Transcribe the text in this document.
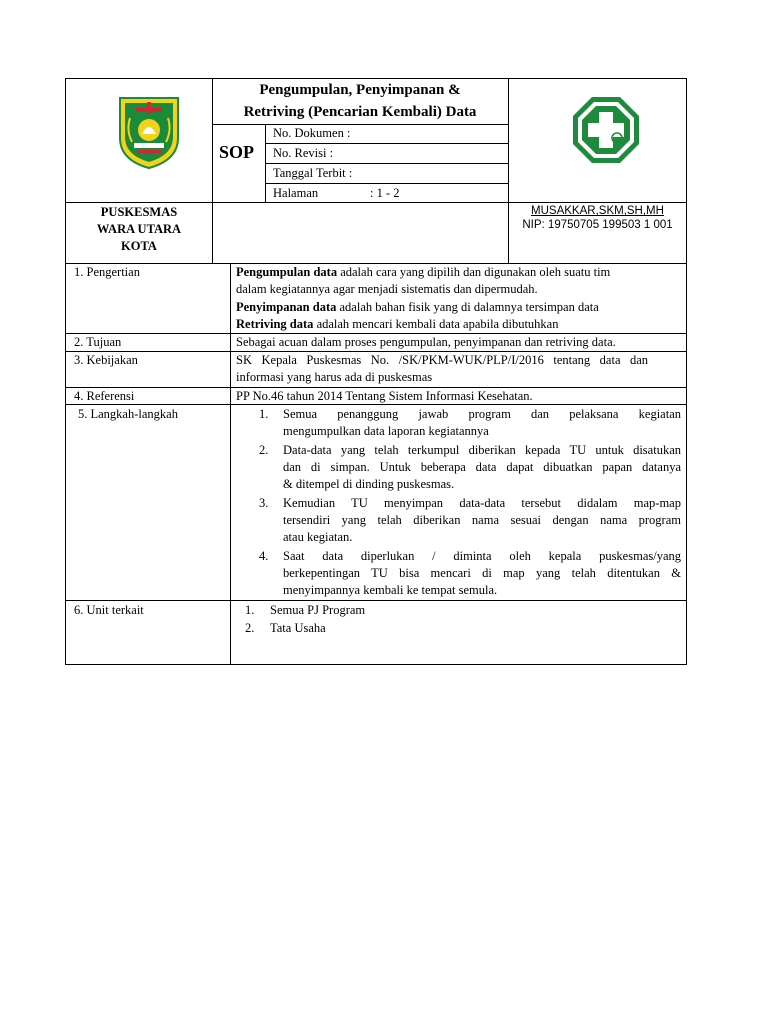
Pengumpulan, Penyimpanan &
Retriving (Pencarian Kembali) Data
SOP
No. Dokumen :
No. Revisi :
Tanggal Terbit :
Halaman	: 1 - 2
PUSKESMAS
WARA UTARA
KOTA
MUSAKKAR,SKM,SH,MH
NIP: 19750705 199503 1 001
1. Pengertian	Pengumpulan data adalah cara yang dipilih dan digunakan oleh suatu tim
dalam kegiatannya agar menjadi sistematis dan dipermudah.
Penyimpanan data adalah bahan fisik yang di dalamnya tersimpan data
Retriving data adalah mencari kembali data apabila dibutuhkan
2. Tujuan	Sebagai acuan dalam proses pengumpulan, penyimpanan dan retriving data.
3. Kebijakan	SK Kepala Puskesmas No. /SK/PKM-WUK/PLP/I/2016 tentang data dan
informasi yang harus ada di puskesmas
4. Referensi	PP No.46 tahun 2014 Tentang Sistem Informasi Kesehatan.
5. Langkah-langkah	1. Semua penanggung jawab program dan pelaksana kegiatan
mengumpulkan data laporan kegiatannya
2. Data-data yang telah terkumpul diberikan kepada TU untuk disatukan
dan di simpan. Untuk beberapa data dapat dibuatkan papan datanya
& ditempel di dinding puskesmas.
3. Kemudian TU menyimpan data-data tersebut didalam map-map
tersendiri yang telah diberikan nama sesuai dengan nama program
atau kegiatan.
4. Saat data diperlukan / diminta oleh kepala puskesmas/yang
berkepentingan TU bisa mencari di map yang telah ditentukan &
menyimpannya kembali ke tempat semula.
6. Unit terkait	1. Semua PJ Program
2. Tata Usaha
